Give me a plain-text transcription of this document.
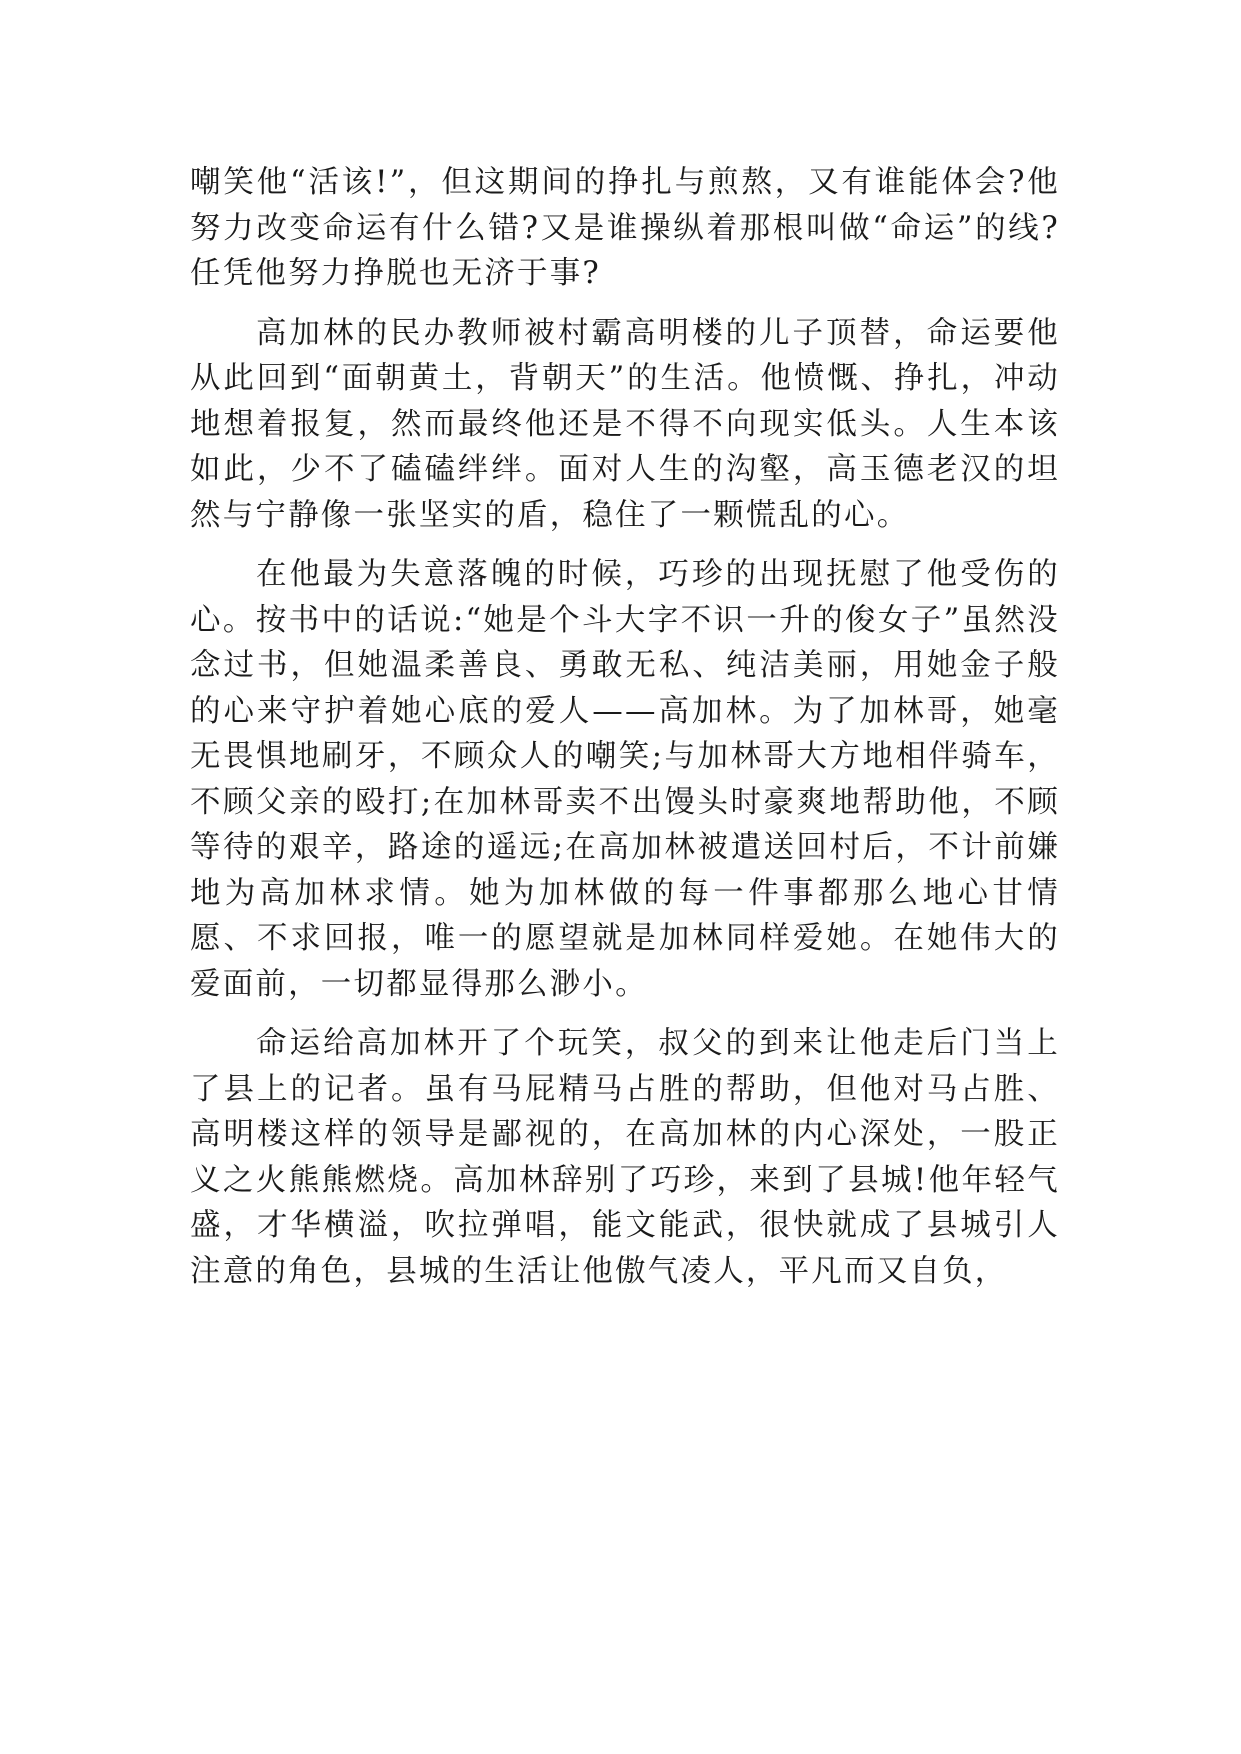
嘲笑他“活该!”，但这期间的挣扎与煎熬，又有谁能体会?他努力改变命运有什么错?又是谁操纵着那根叫做“命运”的线?任凭他努力挣脱也无济于事?

高加林的民办教师被村霸高明楼的儿子顶替，命运要他从此回到“面朝黄土，背朝天”的生活。他愤慨、挣扎，冲动地想着报复，然而最终他还是不得不向现实低头。人生本该如此，少不了磕磕绊绊。面对人生的沟壑，高玉德老汉的坦然与宁静像一张坚实的盾，稳住了一颗慌乱的心。

在他最为失意落魄的时候，巧珍的出现抚慰了他受伤的心。按书中的话说:“她是个斗大字不识一升的俊女子”虽然没念过书，但她温柔善良、勇敢无私、纯洁美丽，用她金子般的心来守护着她心底的爱人——高加林。为了加林哥，她毫无畏惧地刷牙，不顾众人的嘲笑;与加林哥大方地相伴骑车，不顾父亲的殴打;在加林哥卖不出馒头时豪爽地帮助他，不顾等待的艰辛，路途的遥远;在高加林被遣送回村后，不计前嫌地为高加林求情。她为加林做的每一件事都那么地心甘情愿、不求回报，唯一的愿望就是加林同样爱她。在她伟大的爱面前，一切都显得那么渺小。

命运给高加林开了个玩笑，叔父的到来让他走后门当上了县上的记者。虽有马屁精马占胜的帮助，但他对马占胜、高明楼这样的领导是鄙视的，在高加林的内心深处，一股正义之火熊熊燃烧。高加林辞别了巧珍，来到了县城!他年轻气盛，才华横溢，吹拉弹唱，能文能武，很快就成了县城引人注意的角色，县城的生活让他傲气凌人，平凡而又自负，
